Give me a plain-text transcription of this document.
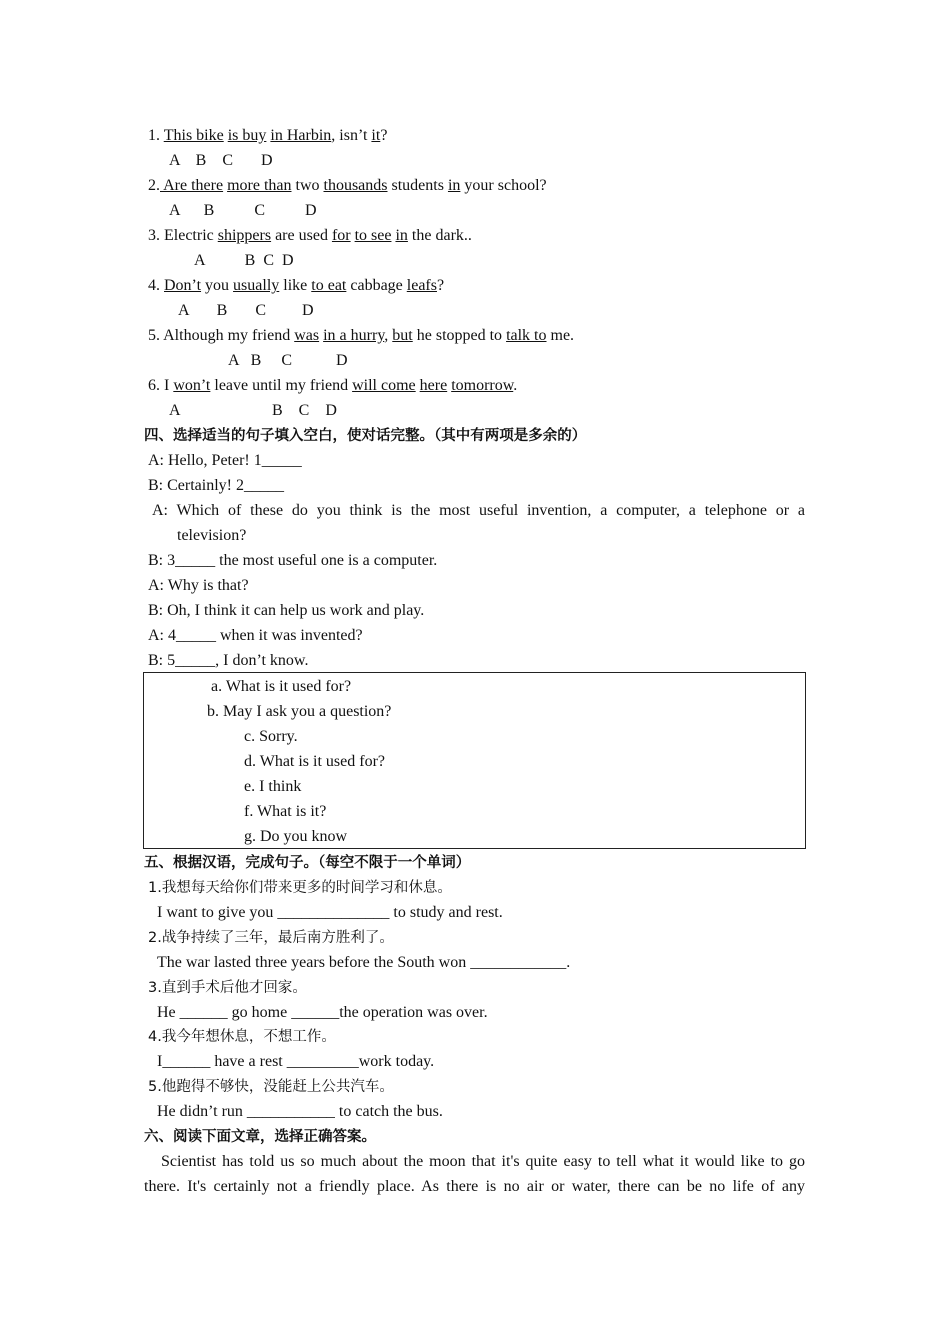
1. This bike is buy in Harbin, isn’t it?
A    B    C       D
2. Are there more than two thousands students in your school?
A      B          C          D
3. Electric shippers are used for to see in the dark..
A          B  C  D
4. Don’t you usually like to eat cabbage leafs?
A       B       C         D
5. Although my friend was in a hurry, but he stopped to talk to me.
A   B     C           D
6. I won’t leave until my friend will come here tomorrow.
A	B    C    D
四、选择适当的句子填入空白，使对话完整。（其中有两项是多余的）
A: Hello, Peter! 1_____
B: Certainly! 2_____
A: Which of these do you think is the most useful invention, a computer, a telephone or a
television?
B: 3_____ the most useful one is a computer.
A: Why is that?
B: Oh, I think it can help us work and play.
A: 4_____ when it was invented?
B: 5_____, I don’t know.
a. What is it used for?
b. May I ask you a question?
c. Sorry.
d. What is it used for?
e. I think
f. What is it?
g. Do you know
五、根据汉语，完成句子。（每空不限于一个单词）
1.我想每天给你们带来更多的时间学习和休息。
I want to give you ______________ to study and rest.
2.战争持续了三年，最后南方胜利了。
The war lasted three years before the South won ____________.
3.直到手术后他才回家。
He ______ go home ______the operation was over.
4.我今年想休息，不想工作。
I______ have a rest _________work today.
5.他跑得不够快，没能赶上公共汽车。
He didn’t run ___________ to catch the bus.
六、阅读下面文章，选择正确答案。
Scientist has told us so much about the moon that it's quite easy to tell what it would like to go
there. It's certainly not a friendly place. As there is no air or water, there can be no life of any
